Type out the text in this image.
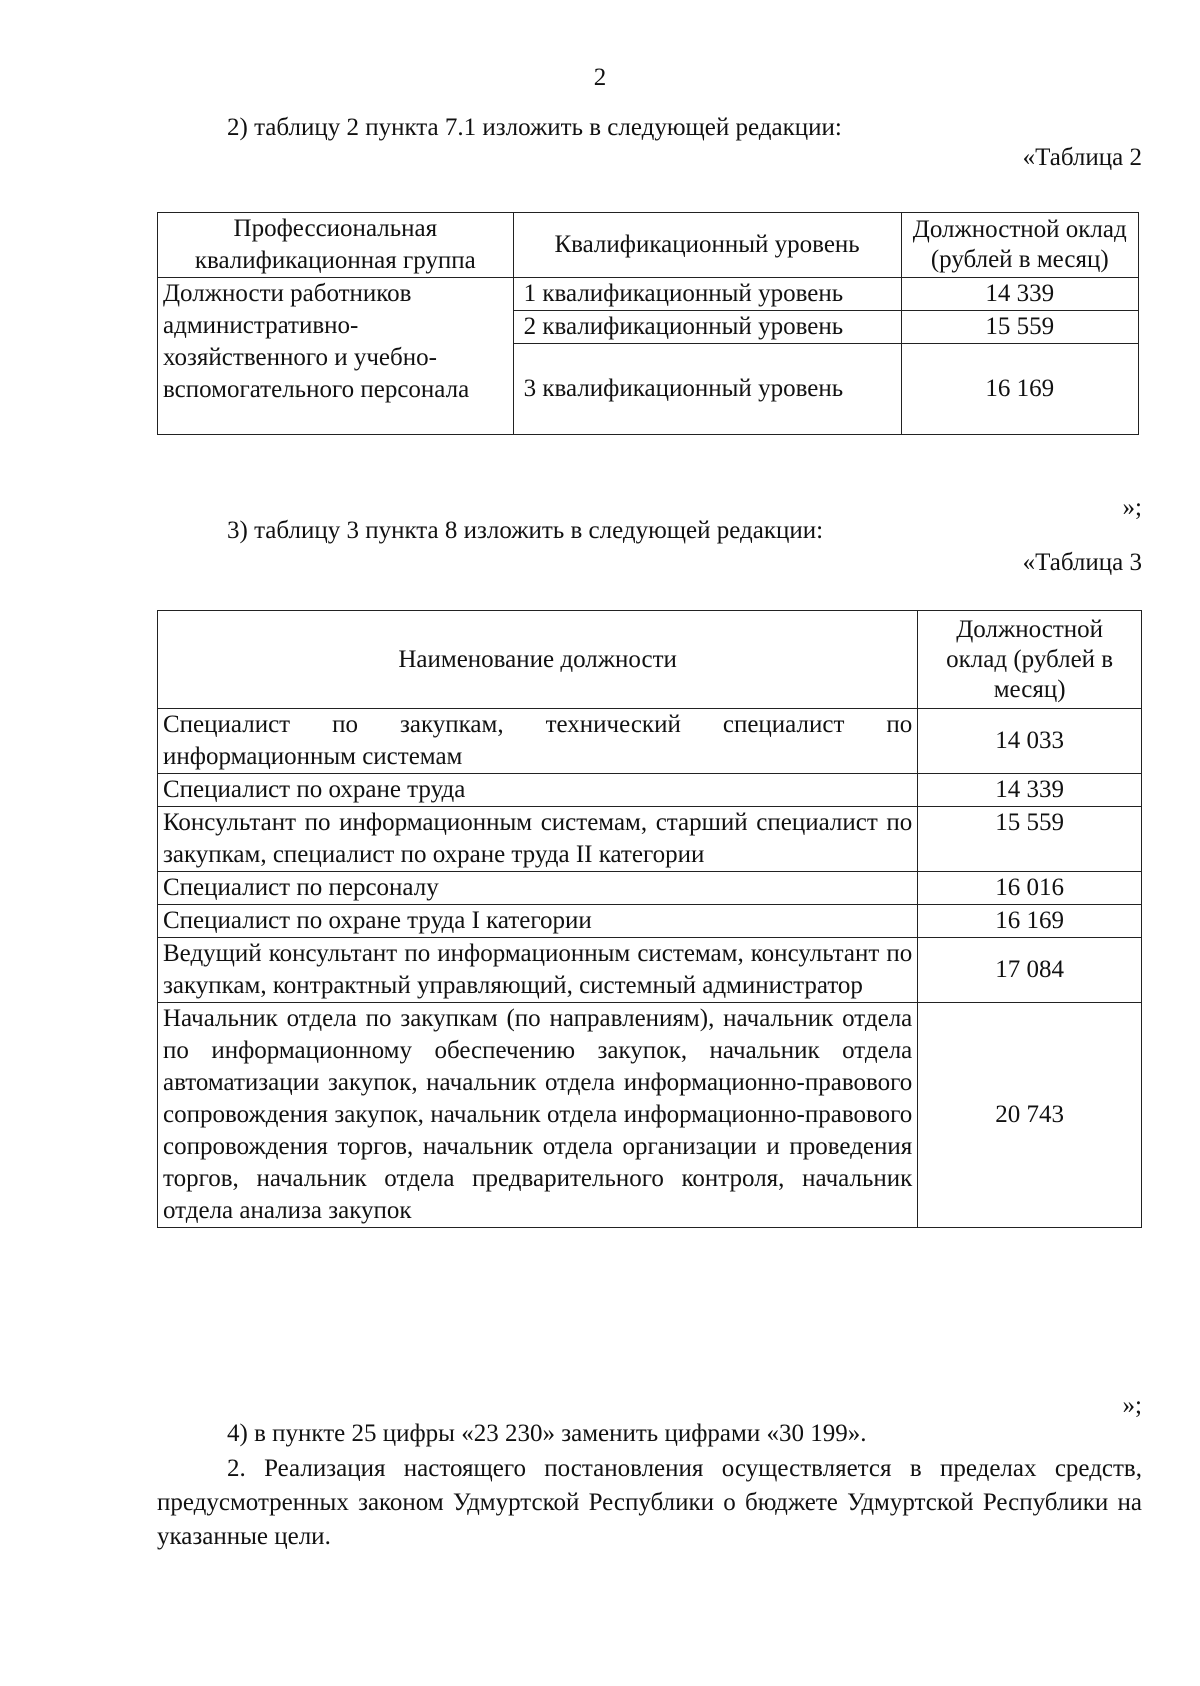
2
2) таблицу 2 пункта 7.1 изложить в следующей редакции:
«Таблица 2
Профессиональная квалификационная группа	Квалификационный уровень	Должностной оклад (рублей в месяц)
Должности работников административно-хозяйственного и учебно-вспомогательного персонала	1 квалификационный уровень	14 339
	2 квалификационный уровень	15 559
	3 квалификационный уровень	16 169
»;
3) таблицу 3 пункта 8 изложить в следующей редакции:
«Таблица 3
Наименование должности	Должностной оклад (рублей в месяц)
Специалист по закупкам, технический специалист по информационным системам	14 033
Специалист по охране труда	14 339
Консультант по информационным системам, старший специалист по закупкам, специалист по охране труда II категории	15 559
Специалист по персоналу	16 016
Специалист по охране труда I категории	16 169
Ведущий консультант по информационным системам, консультант по закупкам, контрактный управляющий, системный администратор	17 084
Начальник отдела по закупкам (по направлениям), начальник отдела по информационному обеспечению закупок, начальник отдела автоматизации закупок, начальник отдела информационно-правового сопровождения закупок, начальник отдела информационно-правового сопровождения торгов, начальник отдела организации и проведения торгов, начальник отдела предварительного контроля, начальник отдела анализа закупок	20 743
»;
4) в пункте 25 цифры «23 230» заменить цифрами «30 199».
2. Реализация настоящего постановления осуществляется в пределах средств, предусмотренных законом Удмуртской Республики о бюджете Удмуртской Республики на указанные цели.
